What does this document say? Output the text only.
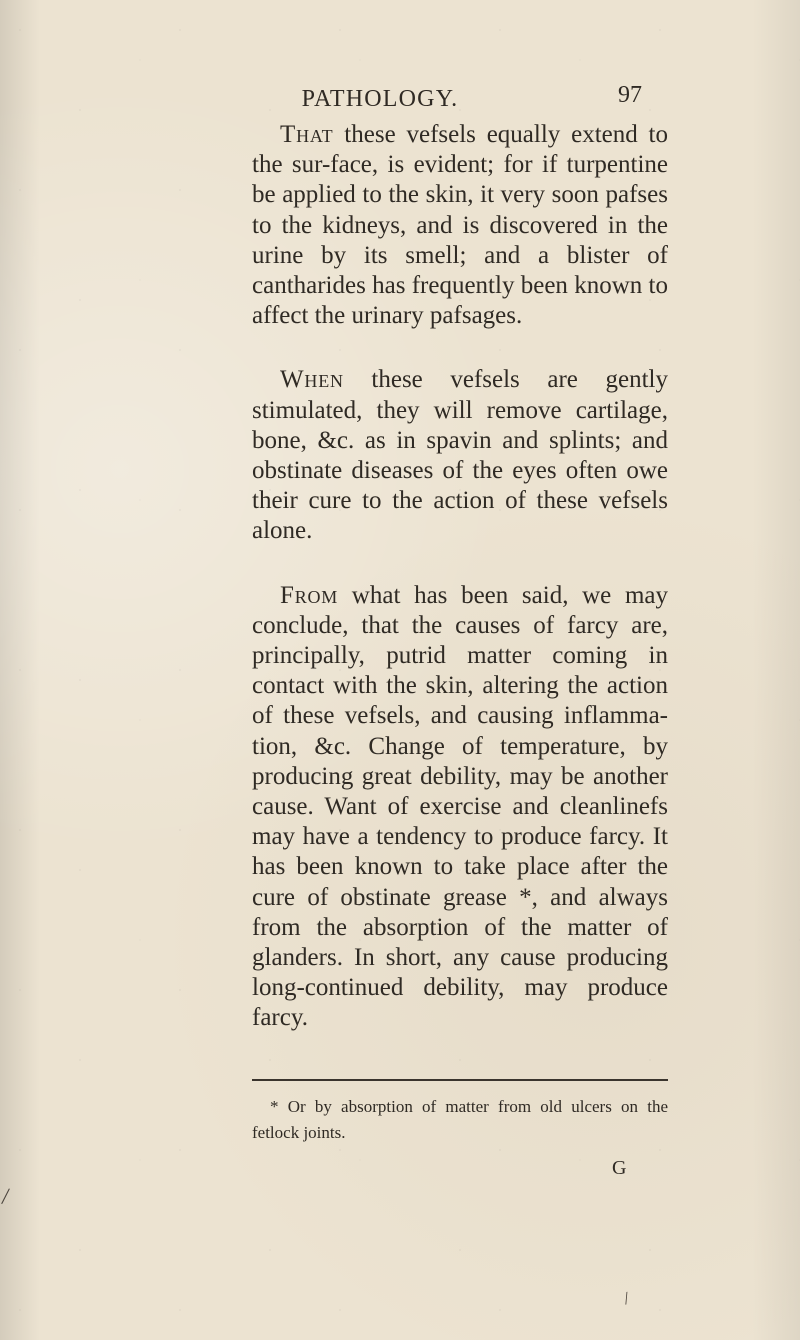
PATHOLOGY.	97

That these vefsels equally extend to the sur-face, is evident; for if turpentine be applied to the skin, it very soon pafses to the kidneys, and is discovered in the urine by its smell; and a blister of cantharides has frequently been known to affect the urinary pafsages.

When these vefsels are gently stimulated, they will remove cartilage, bone, &c. as in spavin and splints; and obstinate diseases of the eyes often owe their cure to the action of these vefsels alone.

From what has been said, we may conclude, that the causes of farcy are, principally, putrid matter coming in contact with the skin, altering the action of these vefsels, and causing inflamma-tion, &c. Change of temperature, by producing great debility, may be another cause. Want of exercise and cleanlinefs may have a tendency to produce farcy. It has been known to take place after the cure of obstinate grease *, and always from the absorption of the matter of glanders. In short, any cause producing long-continued debility, may produce farcy.

* Or by absorption of matter from old ulcers on the fetlock joints.
G
/
/
